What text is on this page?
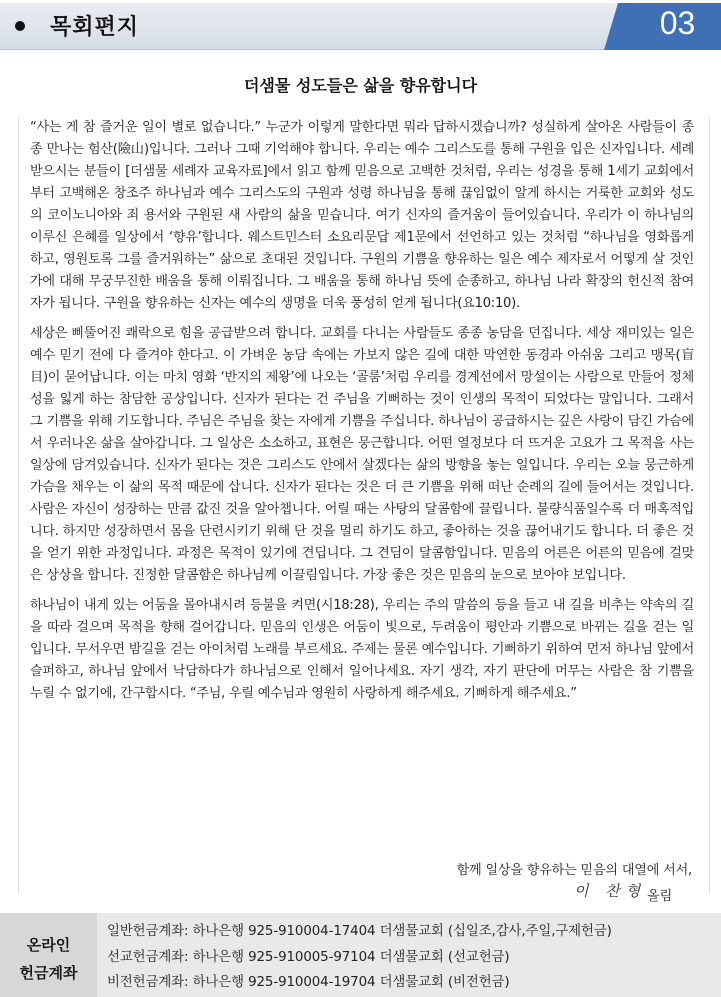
목회편지	03
더샘물 성도들은 삶을 향유합니다

“사는 게 참 즐거운 일이 별로 없습니다.” 누군가 이렇게 말한다면 뭐라 답하시겠습니까? 성실하게 살아온 사람들이 종종 만나는 험산(險山)입니다. 그러나 그때 기억해야 합니다. 우리는 예수 그리스도를 통해 구원을 입은 신자입니다. 세례 받으시는 분들이 [더샘물 세례자 교육자료]에서 읽고 함께 믿음으로 고백한 것처럼, 우리는 성경을 통해 1세기 교회에서부터 고백해온 창조주 하나님과 예수 그리스도의 구원과 성령 하나님을 통해 끊임없이 알게 하시는 거룩한 교회와 성도의 코이노니아와 죄 용서와 구원된 새 사람의 삶을 믿습니다. 여기 신자의 즐거움이 들어있습니다. 우리가 이 하나님의 이루신 은혜를 일상에서 ‘향유’합니다. 웨스트민스터 소요리문답 제1문에서 선언하고 있는 것처럼 “하나님을 영화롭게 하고, 영원토록 그를 즐거워하는” 삶으로 초대된 것입니다. 구원의 기쁨을 향유하는 일은 예수 제자로서 어떻게 살 것인가에 대해 무궁무진한 배움을 통해 이뤄집니다. 그 배움을 통해 하나님 뜻에 순종하고, 하나님 나라 확장의 헌신적 참여자가 됩니다. 구원을 향유하는 신자는 예수의 생명을 더욱 풍성히 얻게 됩니다(요10:10).

세상은 삐뚤어진 쾌락으로 힘을 공급받으려 합니다. 교회를 다니는 사람들도 종종 농담을 던집니다. 세상 재미있는 일은 예수 믿기 전에 다 즐겨야 한다고. 이 가벼운 농담 속에는 가보지 않은 길에 대한 막연한 동경과 아쉬움 그리고 맹목(盲目)이 묻어납니다. 이는 마치 영화 ‘반지의 제왕’에 나오는 ‘골룸’처럼 우리를 경계선에서 망설이는 사람으로 만들어 정체성을 잃게 하는 참담한 공상입니다. 신자가 된다는 건 주님을 기뻐하는 것이 인생의 목적이 되었다는 말입니다. 그래서 그 기쁨을 위해 기도합니다. 주님은 주님을 찾는 자에게 기쁨을 주십니다. 하나님이 공급하시는 깊은 사랑이 담긴 가슴에서 우러나온 삶을 살아갑니다. 그 일상은 소소하고, 표현은 뭉근합니다. 어떤 열정보다 더 뜨거운 고요가 그 목적을 사는 일상에 담겨있습니다. 신자가 된다는 것은 그리스도 안에서 살겠다는 삶의 방향을 놓는 일입니다. 우리는 오늘 뭉근하게 가슴을 채우는 이 삶의 목적 때문에 삽니다. 신자가 된다는 것은 더 큰 기쁨을 위해 떠난 순례의 길에 들어서는 것입니다. 사람은 자신이 성장하는 만큼 값진 것을 알아챕니다. 어릴 때는 사탕의 달콤함에 끌립니다. 불량식품일수록 더 매혹적입니다. 하지만 성장하면서 몸을 단련시키기 위해 단 것을 멀리 하기도 하고, 좋아하는 것을 끊어내기도 합니다. 더 좋은 것을 얻기 위한 과정입니다. 과정은 목적이 있기에 견딥니다. 그 견딤이 달콤함입니다. 믿음의 어른은 어른의 믿음에 걸맞은 상상을 합니다. 진정한 달콤함은 하나님께 이끌림입니다. 가장 좋은 것은 믿음의 눈으로 보아야 보입니다.

하나님이 내게 있는 어둠을 몰아내시려 등불을 켜면(시18:28), 우리는 주의 말씀의 등을 들고 내 길을 비추는 약속의 길을 따라 걸으며 목적을 향해 걸어갑니다. 믿음의 인생은 어둠이 빛으로, 두려움이 평안과 기쁨으로 바뀌는 길을 걷는 일입니다. 무서우면 밤길을 걷는 아이처럼 노래를 부르세요. 주제는 물론 예수입니다. 기뻐하기 위하여 먼저 하나님 앞에서 슬퍼하고, 하나님 앞에서 낙담하다가 하나님으로 인해서 일어나세요. 자기 생각, 자기 판단에 머무는 사람은 참 기쁨을 누릴 수 없기에, 간구합시다. “주님, 우릴 예수님과 영원히 사랑하게 해주세요. 기뻐하게 해주세요.”

함께 일상을 향유하는 믿음의 대열에 서서,
이 찬형 올림
온라인
헌금계좌
일반헌금계좌: 하나은행 925-910004-17404 더샘물교회 (십일조,감사,주일,구제헌금)
선교헌금계좌: 하나은행 925-910005-97104 더샘물교회 (선교헌금)
비전헌금계좌: 하나은행 925-910004-19704 더샘물교회 (비전헌금)
